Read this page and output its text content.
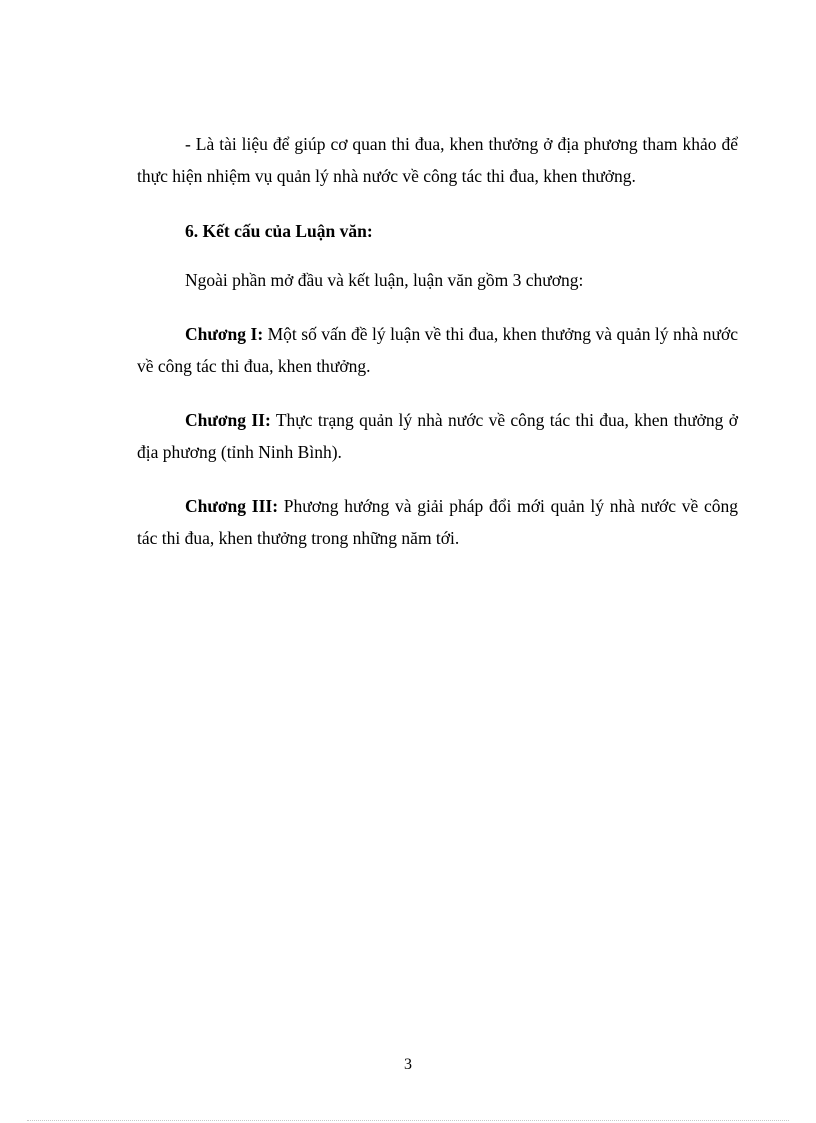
- Là tài liệu để giúp cơ quan thi đua, khen thưởng ở địa phương tham khảo để thực hiện nhiệm vụ quản lý nhà nước về công tác thi đua, khen thưởng.

6. Kết cấu của Luận văn:

Ngoài phần mở đầu và kết luận, luận văn gồm 3 chương:

Chương I: Một số vấn đề lý luận về thi đua, khen thưởng và quản lý nhà nước về công tác thi đua, khen thưởng.

Chương II: Thực trạng quản lý nhà nước về công tác thi đua, khen thưởng ở địa phương (tỉnh Ninh Bình).

Chương III: Phương hướng và giải pháp đổi mới quản lý nhà nước về công tác thi đua, khen thưởng trong những năm tới.

3
